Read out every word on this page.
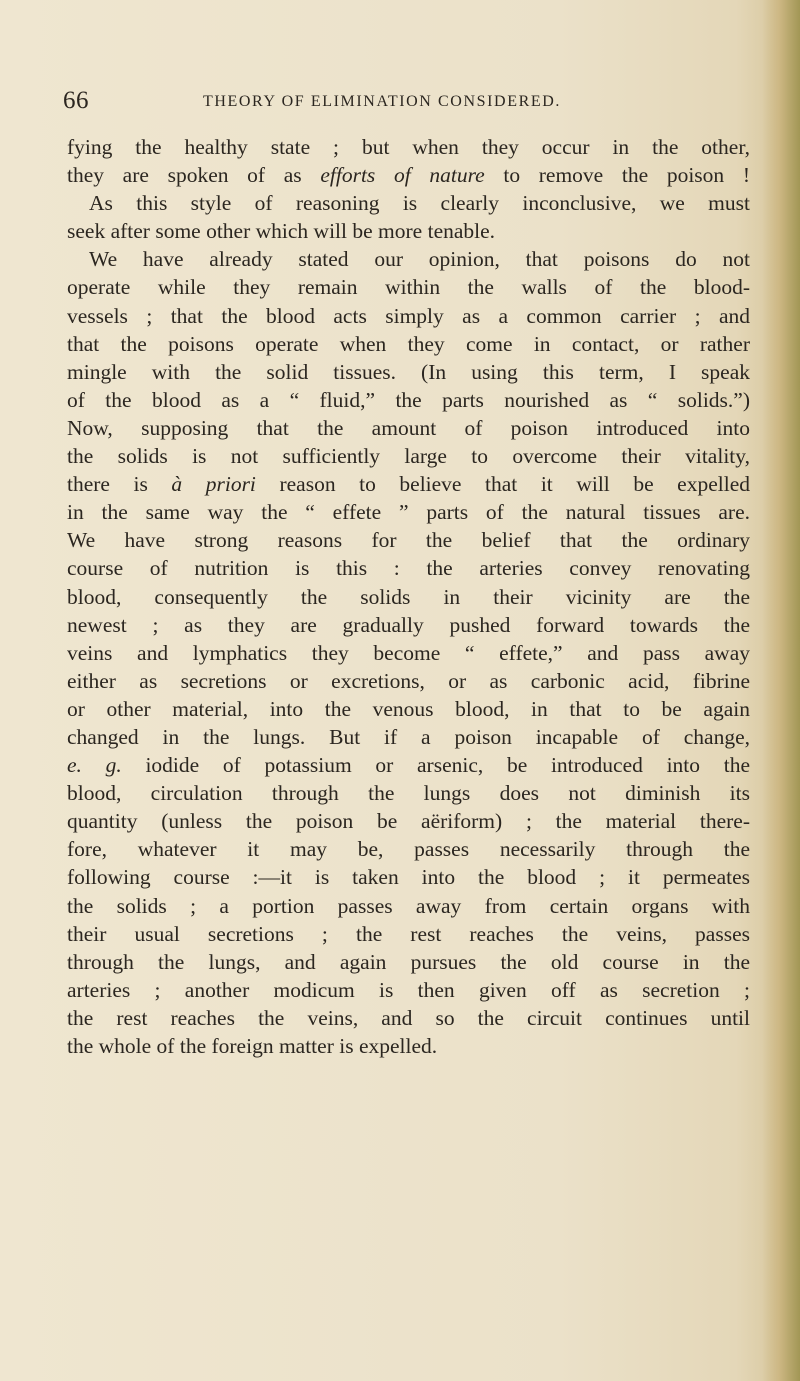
66	THEORY OF ELIMINATION CONSIDERED.
fying the healthy state ; but when they occur in the other,
they are spoken of as efforts of nature to remove the poison !
As this style of reasoning is clearly inconclusive, we must
seek after some other which will be more tenable.
We have already stated our opinion, that poisons do not
operate while they remain within the walls of the blood-
vessels ; that the blood acts simply as a common carrier ; and
that the poisons operate when they come in contact, or rather
mingle with the solid tissues. (In using this term, I speak
of the blood as a “ fluid,” the parts nourished as “ solids.”)
Now, supposing that the amount of poison introduced into
the solids is not sufficiently large to overcome their vitality,
there is à priori reason to believe that it will be expelled
in the same way the “ effete ” parts of the natural tissues are.
We have strong reasons for the belief that the ordinary
course of nutrition is this : the arteries convey renovating
blood, consequently the solids in their vicinity are the
newest ; as they are gradually pushed forward towards the
veins and lymphatics they become “ effete,” and pass away
either as secretions or excretions, or as carbonic acid, fibrine
or other material, into the venous blood, in that to be again
changed in the lungs. But if a poison incapable of change,
e. g. iodide of potassium or arsenic, be introduced into the
blood, circulation through the lungs does not diminish its
quantity (unless the poison be aëriform) ; the material there-
fore, whatever it may be, passes necessarily through the
following course :—it is taken into the blood ; it permeates
the solids ; a portion passes away from certain organs with
their usual secretions ; the rest reaches the veins, passes
through the lungs, and again pursues the old course in the
arteries ; another modicum is then given off as secretion ;
the rest reaches the veins, and so the circuit continues until
the whole of the foreign matter is expelled.
